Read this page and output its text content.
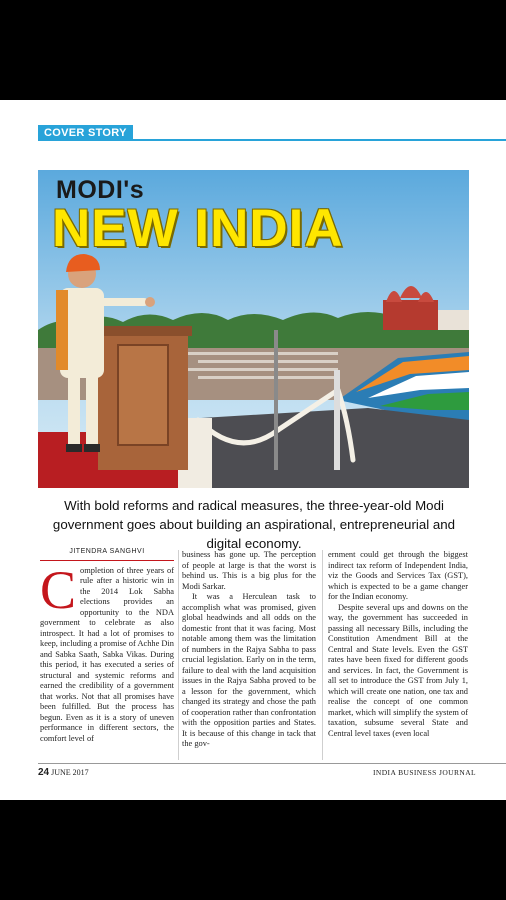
COVER STORY
MODI's
NEW INDIA
With bold reforms and radical measures, the three-year-old Modi government goes about building an aspirational, entrepreneurial and digital economy.
JITENDRA SANGHVI
C ompletion of three years of rule after a historic win in the 2014 Lok Sabha elections provides an opportunity to the NDA government to celebrate as also introspect. It had a lot of promises to keep, including a promise of Achhe Din and Sabka Saath, Sabka Vikas. During this period, it has executed a series of structural and systemic reforms and earned the credibility of a government that works. Not that all promises have been fulfilled. But the process has begun. Even as it is a story of uneven performance in different sectors, the comfort level of

business has gone up. The perception of people at large is that the worst is behind us. This is a big plus for the Modi Sarkar.

It was a Herculean task to accomplish what was promised, given global headwinds and all odds on the domestic front that it was facing. Most notable among them was the limitation of numbers in the Rajya Sabha to pass crucial legislation. Early on in the term, failure to deal with the land acquisition issues in the Rajya Sabha proved to be a lesson for the government, which changed its strategy and chose the path of cooperation rather than confrontation with the opposition parties and States. It is because of this change in tack that the gov-

ernment could get through the biggest indirect tax reform of Independent India, viz the Goods and Services Tax (GST), which is expected to be a game changer for the Indian economy.

Despite several ups and downs on the way, the government has succeeded in passing all necessary Bills, including the Constitution Amendment Bill at the Central and State levels. Even the GST rates have been fixed for different goods and services. In fact, the Government is all set to introduce the GST from July 1, which will create one nation, one tax and realise the concept of one common market, which will simplify the system of taxation, subsume several State and Central level taxes (even local

24 JUNE 2017	INDIA BUSINESS JOURNAL
